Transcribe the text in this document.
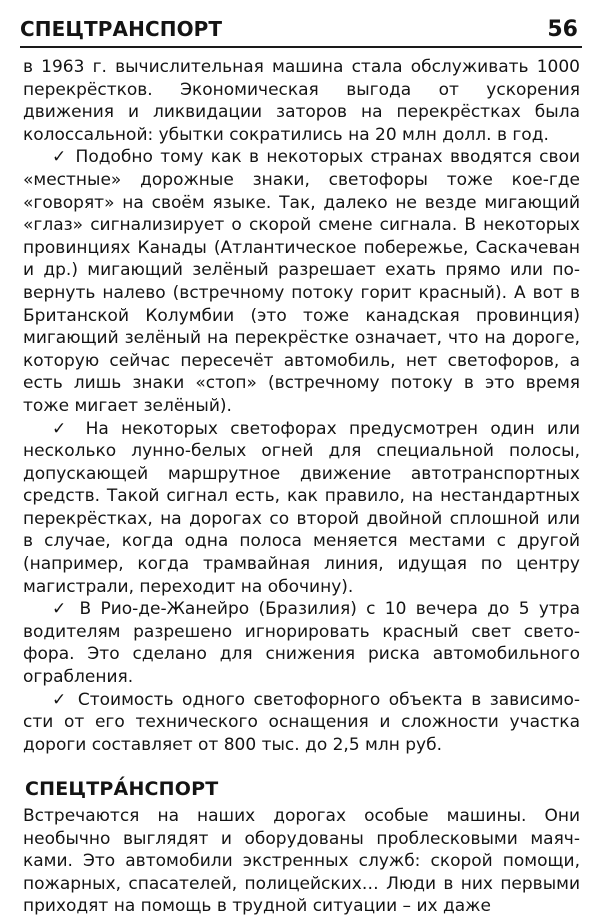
СПЕЦТРАНСПОРТ	56

в 1963 г. вычислительная машина стала обслуживать 1000 перекрёстков. Экономическая выгода от ускорения движения и ликвидации заторов на перекрёстках была колоссальной: убытки сократились на 20 млн долл. в год.

✓ Подобно тому как в некоторых странах вводятся свои «местные» дорожные знаки, светофоры тоже кое-где «говорят» на своём языке. Так, далеко не везде мигающий «глаз» сигнализирует о скорой смене сигнала. В некоторых провинциях Канады (Атлантическое побережье, Саскачеван и др.) мигающий зелёный разрешает ехать прямо или повернуть налево (встречному потоку горит красный). А вот в Британской Колумбии (это тоже канадская провинция) мигающий зелёный на перекрёстке означает, что на дороге, которую сейчас пересечёт автомобиль, нет светофоров, а есть лишь знаки «стоп» (встречному потоку в это время тоже мигает зелёный).

✓ На некоторых светофорах предусмотрен один или несколько лунно-белых огней для специальной полосы, допускающей маршрутное движение автотранспортных средств. Такой сигнал есть, как правило, на нестандартных перекрёстках, на дорогах со второй двойной сплошной или в случае, когда одна полоса меняется местами с другой (например, когда трамвайная линия, идущая по центру магистрали, переходит на обочину).

✓ В Рио-де-Жанейро (Бразилия) с 10 вечера до 5 утра водителям разрешено игнорировать красный свет светофора. Это сделано для снижения риска автомобильного ограбления.

✓ Стоимость одного светофорного объекта в зависимости от его технического оснащения и сложности участка дороги составляет от 800 тыс. до 2,5 млн руб.

СПЕЦТРА́НСПОРТ

Встречаются на наших дорогах особые машины. Они необычно выглядят и оборудованы проблесковыми маячками. Это автомобили экстренных служб: скорой помощи, пожарных, спасателей, полицейских… Люди в них первыми приходят на помощь в трудной ситуации – их даже
